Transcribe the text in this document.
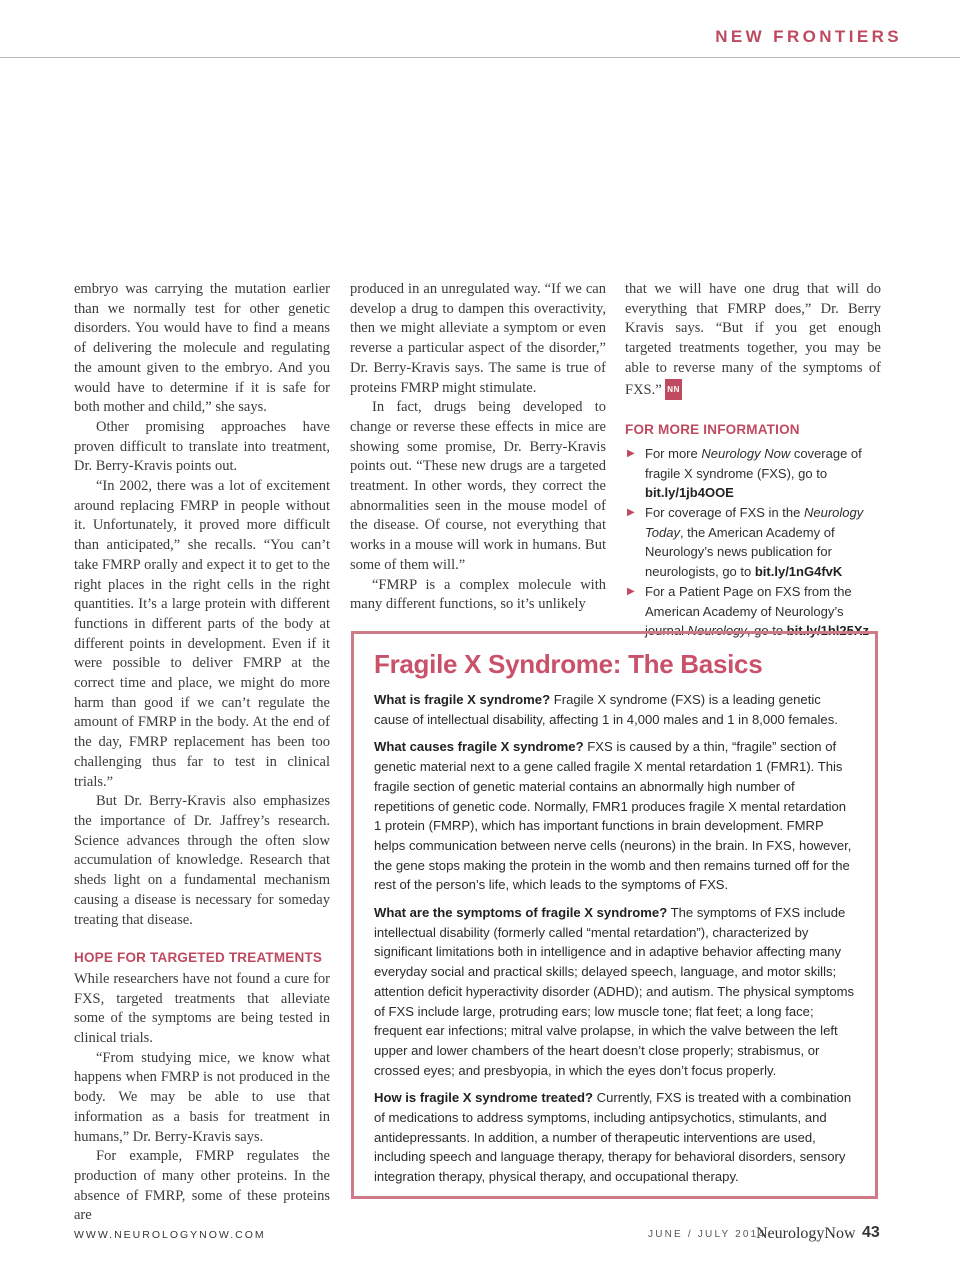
NEW FRONTIERS

embryo was carrying the mutation earlier than we normally test for other genetic disorders. You would have to find a means of delivering the molecule and regulating the amount given to the embryo. And you would have to determine if it is safe for both mother and child,” she says.

Other promising approaches have proven difficult to translate into treatment, Dr. Berry-Kravis points out.

“In 2002, there was a lot of excitement around replacing FMRP in people without it. Unfortunately, it proved more difficult than anticipated,” she recalls. “You can’t take FMRP orally and expect it to get to the right places in the right cells in the right quantities. It’s a large protein with different functions in different parts of the body at different points in development. Even if it were possible to deliver FMRP at the correct time and place, we might do more harm than good if we can’t regulate the amount of FMRP in the body. At the end of the day, FMRP replacement has been too challenging thus far to test in clinical trials.”

But Dr. Berry-Kravis also emphasizes the importance of Dr. Jaffrey’s research. Science advances through the often slow accumulation of knowledge. Research that sheds light on a fundamental mechanism causing a disease is necessary for someday treating that disease.

HOPE FOR TARGETED TREATMENTS

While researchers have not found a cure for FXS, targeted treatments that alleviate some of the symptoms are being tested in clinical trials.

“From studying mice, we know what happens when FMRP is not produced in the body. We may be able to use that information as a basis for treatment in humans,” Dr. Berry-Kravis says.

For example, FMRP regulates the production of many other proteins. In the absence of FMRP, some of these proteins are

produced in an unregulated way. “If we can develop a drug to dampen this overactivity, then we might alleviate a symptom or even reverse a particular aspect of the disorder,” Dr. Berry-Kravis says. The same is true of proteins FMRP might stimulate.

In fact, drugs being developed to change or reverse these effects in mice are showing some promise, Dr. Berry-Kravis points out. “These new drugs are a targeted treatment. In other words, they correct the abnormalities seen in the mouse model of the disease. Of course, not everything that works in a mouse will work in humans. But some of them will.”

“FMRP is a complex molecule with many different functions, so it’s unlikely

that we will have one drug that will do everything that FMRP does,” Dr. Berry Kravis says. “But if you get enough targeted treatments together, you may be able to reverse many of the symptoms of FXS.” NN

FOR MORE INFORMATION
▶ For more Neurology Now coverage of fragile X syndrome (FXS), go to bit.ly/1jb4OOE
▶ For coverage of FXS in the Neurology Today, the American Academy of Neurology’s news publication for neurologists, go to bit.ly/1nG4fvK
▶ For a Patient Page on FXS from the American Academy of Neurology’s journal Neurology, go to bit.ly/1hl25Xz
Fragile X Syndrome: The Basics

What is fragile X syndrome? Fragile X syndrome (FXS) is a leading genetic cause of intellectual disability, affecting 1 in 4,000 males and 1 in 8,000 females.

What causes fragile X syndrome? FXS is caused by a thin, “fragile” section of genetic material next to a gene called fragile X mental retardation 1 (FMR1). This fragile section of genetic material contains an abnormally high number of repetitions of genetic code. Normally, FMR1 produces fragile X mental retardation 1 protein (FMRP), which has important functions in brain development. FMRP helps communication between nerve cells (neurons) in the brain. In FXS, however, the gene stops making the protein in the womb and then remains turned off for the rest of the person’s life, which leads to the symptoms of FXS.

What are the symptoms of fragile X syndrome? The symptoms of FXS include intellectual disability (formerly called “mental retardation”), characterized by significant limitations both in intelligence and in adaptive behavior affecting many everyday social and practical skills; delayed speech, language, and motor skills; attention deficit hyperactivity disorder (ADHD); and autism. The physical symptoms of FXS include large, protruding ears; low muscle tone; flat feet; a long face; frequent ear infections; mitral valve prolapse, in which the valve between the left upper and lower chambers of the heart doesn’t close properly; strabismus, or crossed eyes; and presbyopia, in which the eyes don’t focus properly.

How is fragile X syndrome treated? Currently, FXS is treated with a combination of medications to address symptoms, including antipsychotics, stimulants, and antidepressants. In addition, a number of therapeutic interventions are used, including speech and language therapy, therapy for behavioral disorders, sensory integration therapy, physical therapy, and occupational therapy.

WWW.NEUROLOGYNOW.COM	JUNE / JULY 2014
NeurologyNow 43
